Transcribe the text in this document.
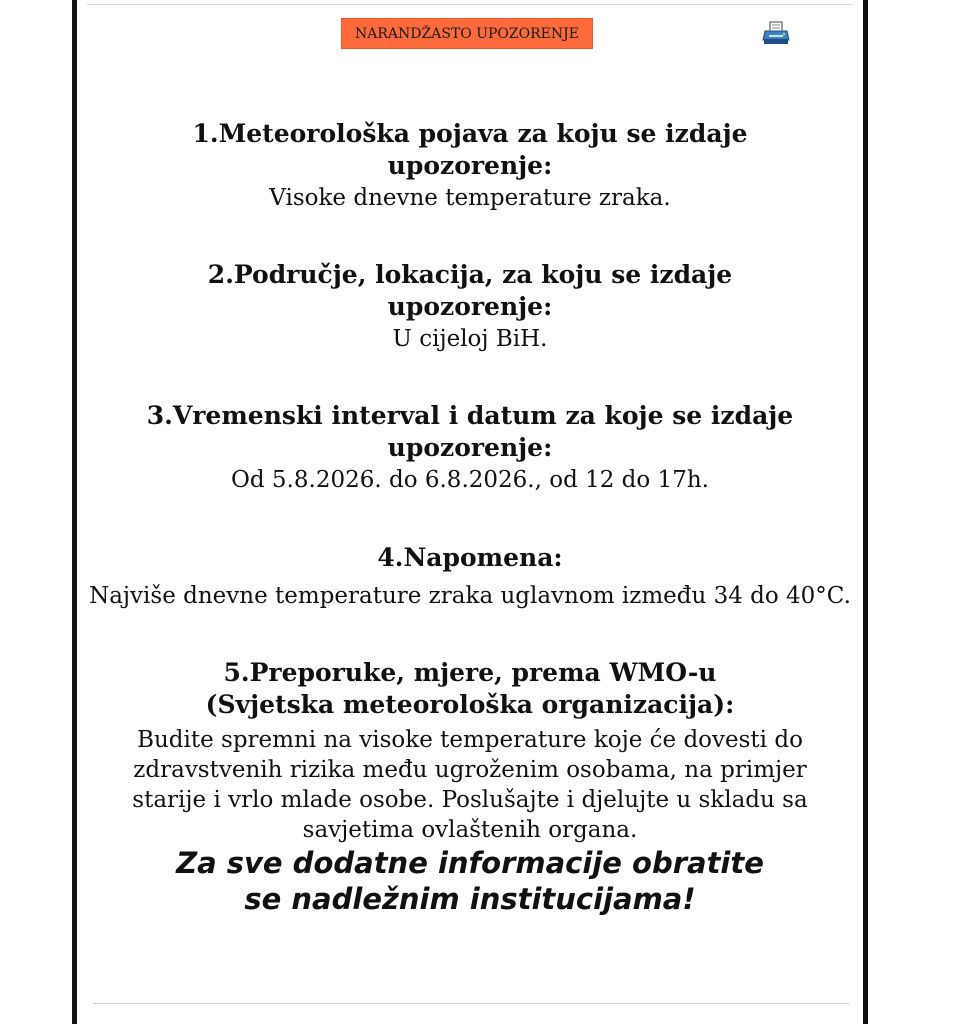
NARANDŽASTO UPOZORENJE

1.Meteorološka pojava za koju se izdaje upozorenje:

Visoke dnevne temperature zraka.

2.Područje, lokacija, za koju se izdaje upozorenje:

U cijeloj BiH.

3.Vremenski interval i datum za koje se izdaje upozorenje:

Od 5.8.2026. do 6.8.2026., od 12 do 17h.

4.Napomena:

Najviše dnevne temperature zraka uglavnom između 34 do 40°C.

5.Preporuke, mjere, prema WMO-u (Svjetska meteorološka organizacija):

Budite spremni na visoke temperature koje će dovesti do zdravstvenih rizika među ugroženim osobama, na primjer starije i vrlo mlade osobe. Poslušajte i djelujte u skladu sa savjetima ovlaštenih organa.

Za sve dodatne informacije obratite se nadležnim institucijama!
